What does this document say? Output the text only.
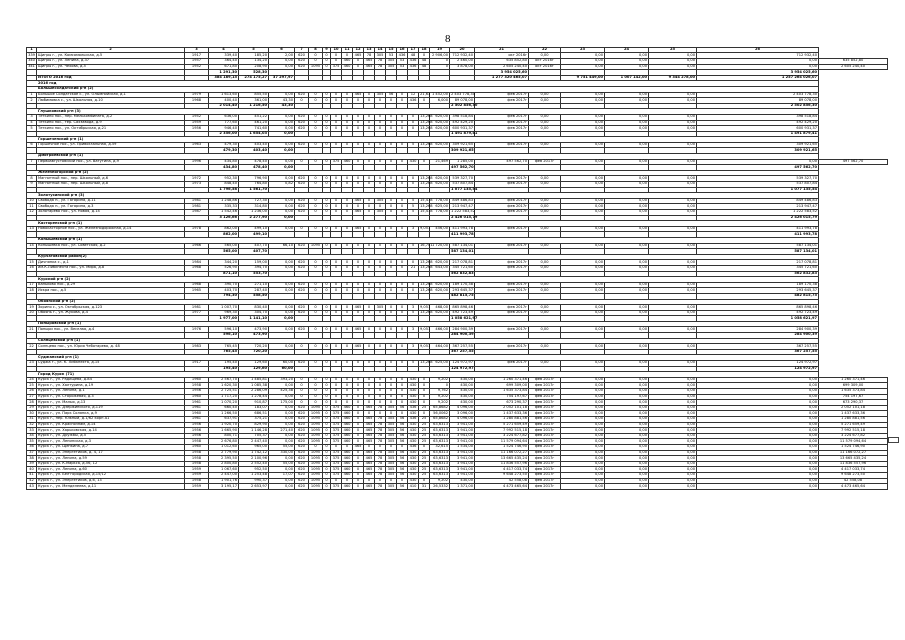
8
1	2	3	4	5	6	7	8	9	10	11	12	13	14	15	16	17	18	19	20	21	22	23	24	25	26	
339	Щигры г., ул. Комсомольская, д.5	1917	339,40	185,20	2,00	620	0	0	0	0	465	78	305	53	436	48	0	2 906,00	712 932,40	окт 2016г	0,00	0,00	0,00	0,00	712 932,40	
340	Щигры г., ул. Ленина, д.37	1957	364,40	134,20	0,00	620	0	0	0	460	0	465	78	305	53	436	48	0	2 460,00	635 852,80	окт 2016г	0,00	0,00	0,00	0,00	635 852,80
341	Щигры г., ул. Чехова, д.5	1952	671,80	208,90	0,00	620	1095	0	375	460	0	465	78	305	53	436	48	0	3 878,00	2 605 240,40	окт 2016г	0,00	0,00	0,00	0,00	2 605 240,40
			1 291,30	528,30																3 954 025,60					3 954 025,60	
	ИТОГО 2016 год		384 189,15	274 175,27	37 297,97															1 277 320 465,07		9 751 449,00	1 007 142,00	9 344 278,00	1 257 264 026,07	
	2016 год																									
	Большесолдатский р-н (2)																									
1	Большое Солдатское с., ул. Олымпийская, д.1	1979	1 613,60	855,50	0,00	620	0	0	0	0	465	0	305	56	0	12	21,63	1 452,00	2 403 778,30	фев 2017г	0,00	0,00	0,00	0,00	2 403 778,30	
2	Любимовка с., ул. Школьная, д.10	1968	400,40	361,00	43,30	0	0	0	0	0	0	0	0	0	0	436	0	6,000	89 078,00	фев 2017г	0,00	0,00	0,00	0,00	89 078,00	
			2 014,40	1 216,50	43,30														2 502 856,30						2 502 856,30	
	Глушковский р-н (3)																									
3	Теткино пос., пер. Мелькомбината, д.2	1952	636,00	451,22	0,00	620	0	0	0	0	0	0	0	0	0	0	13,268	620,00	398 518,84	фев 2017г	0,00	0,00	0,00	0,00	398 518,84	
4	Теткино пос., тер. Сахзавода, д.9	1959	777,60	461,20	0,00	620	0	0	0	0	0	0	0	0	0	0	13,268	620,00	492 429,20	фев 2017г	0,00	0,00	0,00	0,00	492 429,20	
5	Теткино пос., ул. Октябрьская, д.21	1956	946,40	741,60	0,00	620	0	0	0	0	0	0	0	0	0	0	13,268	620,00	600 931,37	фев 2017г	0,00	0,00	0,00	0,00	600 931,37	
			2 356,00	1 654,03	0,00														1 491 879,41						1 491 879,41	
	Горшеченский р-н (1)																									
6	Горшечное пос., ул. Привокзальная, д.59	1963	479,30	403,40	0,00	620	0	0	0	0	0	0	0	0	0	5	13,268	620,00	309 921,65	фев 2017г	0,00	0,00	0,00	0,00	309 921,65	
			479,30	403,40	0,00														309 921,65						309 921,65	
	Дмитриевский р-н (1)																									
7	Первоавгустовский пос., ул. Ватутина, д.9	1996	434,80	478,40	0,00	0	0	0	375	460	0	0	0	0	0	430	0	21,469	1 285,00	497 562,70	фев 2017г	0,00	0,00	0,00	0,00	497 562,70
			434,80	478,40	0,00														497 562,70						497 562,70	
	Железногорский р-н (2)																									
8	Магнитный пос., пер. Школьный, д.6	1972	952,30	796,90	0,00	620	0	0	0	0	0	0	0	0	0	0	13,268	620,00	539 327,70	фев 2017г	0,00	0,00	0,00	0,00	539 327,70	
9	Магнитный пос., пер. Школьный, д.8	1973	848,40	764,80	0,82	620	0	0	0	0	0	0	0	0	0	0	13,268	620,00	537 807,84	фев 2017г	0,00	0,00	0,00	0,00	537 807,84	
			1 796,58	1 561,70															1 077 135,54						1 077 135,54	
	Золотухинский р-н (3)																									
10	Свобода п., ул. Гагарина, д.11	1981	1 248,86	727,30	0,00	620	0	0	0	0	465	0	305	0	0	5	15,478	778,00	849 486,83	фев 2017г	0,00	0,00	0,00	0,00	849 486,83	
11	Свобода п., ул. Гагарина, д.3	1981	335,33	314,80	0,00	620	0	0	0	0	0	0	0	0	0	5	13,268	625,00	213 947,47	фев 2017г	0,00	0,00	0,00	0,00	213 947,47	
12	Золотарево пос., ул. Новая, д.14	1987	1 542,46	1 236,00	0,00	620	0	0	0	0	465	0	305	0	0	5	15,478	778,00	1 222 583,52	фев 2017г	0,00	0,00	0,00	0,00	1 222 583,52	
			3 126,66	2 277,90	0,00														2 426 015,79						2 426 015,79	
	Касторенский р-н (1)																									
13	Новокасторное пос., ул. Железнодорожная, д.14	1978	862,00	499,10	0,00	0	0	0	0	0	465	0	0	0	0	3	9,051	456,00	411 993,78	фев 2017г	0,00	0,00	0,00	0,00	411 993,78	
			862,00	499,10															411 993,78						411 993,78	
	Конышевский р-н (1)																									
14	Конышевка пос., ул. Советская, д.2	1966	565,00	407,70	66,10	620	1095	0	0	0	0	0	0	0	0	5	16,701	1 720,00	587 134,01	фев 2017г	0,00	0,00	0,00	0,00	587 134,01	
			565,00	407,70															587 134,01						587 134,01	
	Курчатовский район(2)																									
15	Дичнянка с., д.1	1984	344,20	159,00	0,00	620	0	0	0	0	0	0	0	0	0	0	13,268	620,00	217 078,81	фев 2017г	0,00	0,00	0,00	0,00	217 078,81	
16	им.К.Либкнехта пос., ул. Мира, д.8	1968	526,90	394,70	0,00	620	0	0	0	0	0	0	0	0	0	21	13,268	643,00	345 721,60	фев 2017г	0,00	0,00	0,00	0,00	345 721,60	
			871,10	553,70															562 832,83						562 832,83	
	Курский р-н (2)																									
17	Ваньково пос., д.29	1968	390,70	271,10	0,00	620	0	0	0	0	0	0	0	0	0	0	13,268	620,00	189 170,38	фев 2017г	0,00	0,00	0,00	0,00	189 170,38	
18	Искра пос., д.5	1965	403,70	287,40	0,00	620	0	0	0	0	0	0	0	0	0	0	13,268	620,00	293 645,37	фев 2017г	0,00	0,00	0,00	0,00	293 645,37	
			794,30	558,50															482 815,75						482 815,75	
	Обоянский р-н (2)																									
19	Зорино с., ул. Октябрьская, д.123	1981	1 007,70	830,40	0,00	620	0	0	0	0	465	0	305	0	0	3	9,051	468,00	865 898,46	фев 2017г	0,00	0,00	0,00	0,00	865 898,46	
20	Обоянь г., ул. Жукова, д.4	1977	969,30	304,70	0,00	620	0	0	0	0	0	0	0	0	0	5	13,268	620,00	492 723,49	фев 2017г	0,00	0,00	0,00	0,00	492 723,49	
			1 977,00	1 141,10	0,00														1 058 621,97						1 058 621,97	
	Поныровский р-н (1)																									
21	Поныри пос., ул. Веселая, д.4	1976	596,10	473,90	0,00	620	0	0	0	0	465	0	0	0	0	3	9,051	466,00	284 900,39	фев 2017г	0,00	0,00	0,00	0,00	284 900,39	
			596,10	473,90															284 900,39						284 900,39	
	Солнцевский р-н (1)																									
22	Солнцево пос., ул. Юрия Чеботарева, д. 48	1983	765,45	720,20	0,00	0	0	0	0	0	465	0	0	0	0	3	9,051	464,00	367 257,55	фев 2017г	0,00	0,00	0,00	0,00	367 257,55	
			765,45	720,20															367 257,55						367 257,55	
	Суджанский р-н (1)																									
23	Суджа г., ул. К. Либкнехта, д.15	1917	195,40	129,60	60,00	620	0	0	0	0	0	0	0	0	0	5	13,268	625,00	124 972,97	фев 2017г	0,00	0,00	0,00	0,00	124 972,97	
			195,40	129,60	60,00														124 972,97						124 972,97	
	Город Курск (71)																									
24	Курск г., ул. Радищева, д.84	1960	2 567,70	1 485,81	393,20	0	0	0	0	0	0	0	0	0	0	430	0	9,202	430,00	1 260 371,46	фев 2017г	0,00	0,00	0,00	0,00	1 260 371,46
25	Курск г., ул. Халтурина, д.19	1958	1 620,30	1 085,38	0,00	0	0	0	0	0	0	0	0	0	0	430	0	0	430,00	699 309,00	фев 2017г	0,00	0,00	0,00	0,00	699 309,00
26	Курск г., ул. Ленина, д.1	1956	2 725,51	2 286,09	425,38	0	0	0	0	0	0	0	0	0	0	430	0	9,762	430,00	1 635 373,84	фев 2017г	0,00	0,00	0,00	0,00	1 635 373,84
27	Курск г., ул. Сторожевая, д.3	1960	1 717,20	1 278,44	0,00	0	0	0	0	0	0	0	0	0	0	430	0	9,202	430,00	754 197,67	фев 2017г	0,00	0,00	0,00	0,00	754 197,67
28	Курск г., ул. Малых, д.13	1961	1 070,20	910,87	175,00	0	0	0	0	0	0	0	0	0	0	430	0	9,202	430,00	673 290,37	фев 2017г	0,00	0,00	0,00	0,00	673 290,37
29	Курск г., ул. Дзержинского, д.119	1961	660,40	183,07	0,00	620	1095	0	375	460	0	465	78	305	56	436	25	65,8682	4 096,00	2 052 101,18	фев 2017г	0,00	0,00	0,00	0,00	2 052 101,18
30	Курск г., ул. Парк Солянка, д.9	1960	1 266,50	686,51	0,00	620	1095	0	375	460	0	0	0	0	0	430	0	56,0062	3 096,00	1 437 633,36	фев 2017г	0,00	0,00	0,00	0,00	1 437 633,36
31	Курск г., пер. Южный, д.1/62 корп А1	1961	637,91	375,21	0,00	620	1095	0	375	460	0	465	78	305	56	436	25	65,8682	4 096,00	1 280 881,56	фев 2017г	0,00	0,00	0,00	0,00	1 280 881,56
32	Курск г., ул. Краснознам, д.14	1956	1 920,70	829,90	0,00	620	1095	0	375	460	0	465	78	305	56	430	25	63,6313	3 941,00	5 271 659,49	фев 2017г	0,00	0,00	0,00	0,00	5 271 659,49
33	Курск г., ул. Харьковская, д.14	1956	1 665,90	1 146,28	271,40	620	1095	0	375	460	0	465	78	305	56	430	25	63,6313	3 941,00	7 992 515,18	фев 2017г	0,00	0,00	0,00	0,00	7 992 515,18
34	Курск г., ул. Дружбы, д.5	1956	800,71	705,37	0,00	620	1095	0	375	460	0	465	78	305	56	430	25	63,6313	3 941,00	3 224 677,82	фев 2017г	0,00	0,00	0,00	0,00	3 224 677,82
35	Курск г., ул. Ленинская, д.3	1958	2 676,80	2 447,40	0,00	620	1095	0	375	460	0	465	78	305	56	430	25	63,6313	3 941,00	11 579 094,64	фев 2017г	0,00	0,00	0,00	0,00	11 579 094,64
36	Курск г., ул. Щепкина, д.7	1960	1 012,60	965,00	55,00	620	0	0	0	0	465	0	0	0	0	436	0	32,615	1 534,00	1 524 746,90	фев 2017г	0,00	0,00	0,00	0,00	1 524 746,90
37	Курск г., ул. Энергетиков, д. 4, 17	1958	2 779,90	1 742,12	330,00	620	1095	0	375	460	0	465	78	305	56	430	25	63,6313	3 941,00	11 166 072,27	фев 2017г	0,00	0,00	0,00	0,00	11 166 072,27
38	Курск г., ул. Ленина, д.59	1958	2 395,50	2 100,96	0,00	620	1095	0	375	460	0	465	78	305	56	430	25	63,6313	3 941,00	13 665 435,24	фев 2017г	0,00	0,00	0,00	0,00	13 665 435,24
39	Курск г., ул. К.Маркса, д.56, 12	1958	2 800,80	2 552,40	55,00	620	1095	0	375	460	0	465	78	305	56	430	25	63,6313	3 941,00	11 836 557,96	фев 2017г	0,00	0,00	0,00	0,00	11 836 557,96
40	Курск г., ул. Ленина, д.60	1959	1 067,60	952,50	0,00	620	1095	0	375	460	0	465	78	305	56	430	25	63,6313	3 941,00	4 417 033,74	фев 2017г	0,00	0,00	0,00	0,00	4 417 033,74
41	Курск г., ул. Бел'городская, д.15/12	1959	2 447,00	1 253,48	17,07	620	1095	0	375	460	0	465	78	305	56	430	25	63,6313	3 941,00	9 648 273,50	фев 2017г	0,00	0,00	0,00	0,00	9 648 273,50
42	Курск г., ул. Энергетиков, д.6, 13	1958	1 901,76	990,37	0,00	620	1095	0	0	0	0	0	0	0	0	430	0	9,202	430,00	42 558,08	фев 2017г	0,00	0,00	0,00	0,00	42 558,08
43	Курск г., ул. Менделеева, д.11	1959	3 195,17	2 653,97	0,00	620	1095	0	375	460	0	465	78	305	56	410	31	26,5332	1 371,00	4 473 465,64	фев 2017г	0,00	0,00	0,00	0,00	4 473 465,64
